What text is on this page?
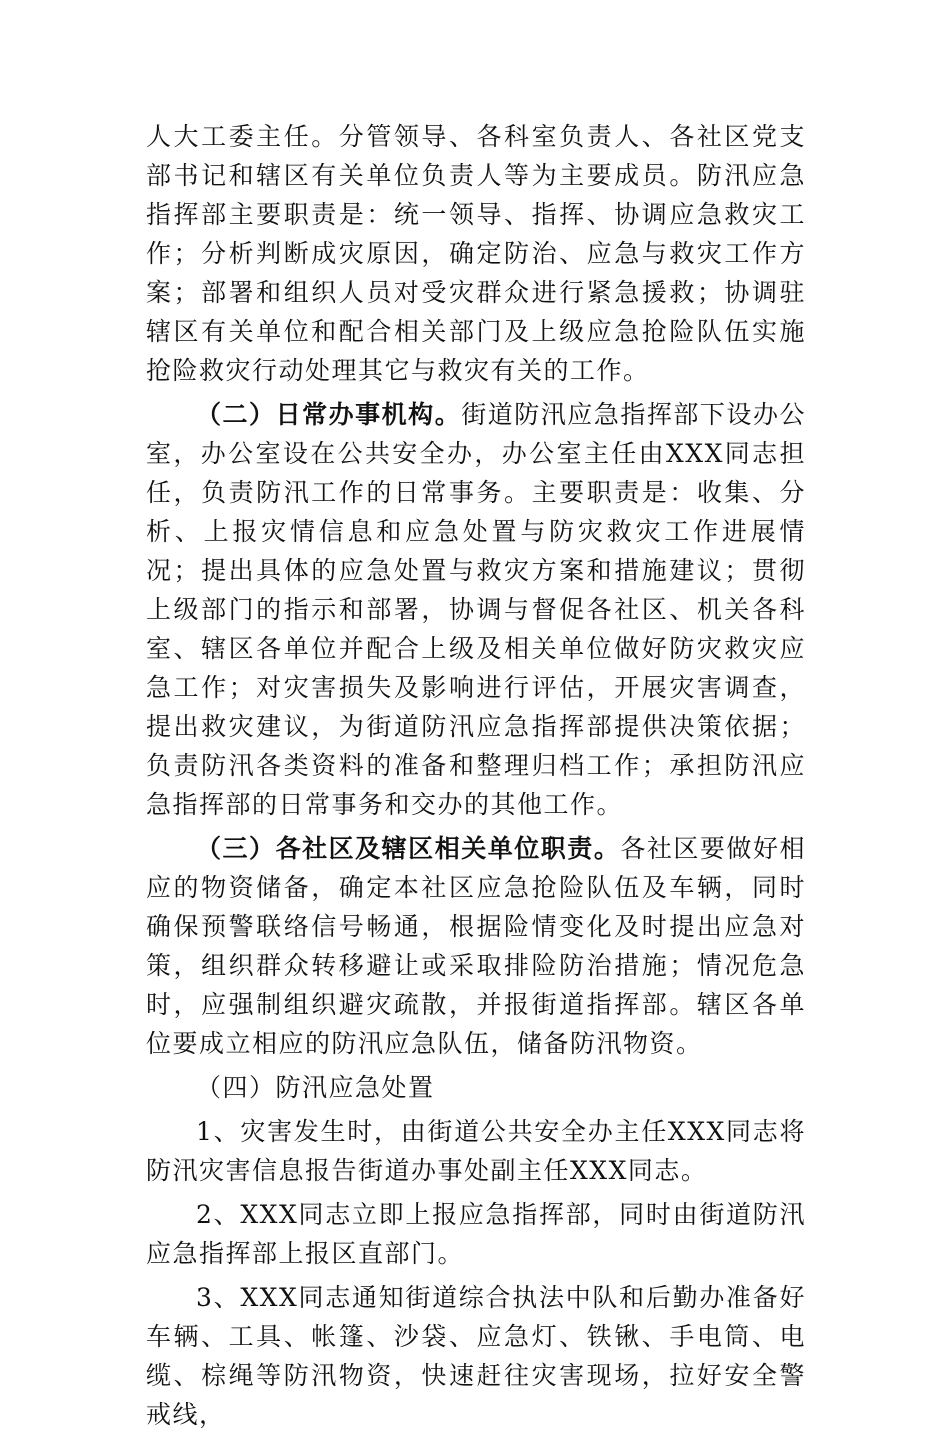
人大工委主任。分管领导、各科室负责人、各社区党支部书记和辖区有关单位负责人等为主要成员。防汛应急指挥部主要职责是：统一领导、指挥、协调应急救灾工作；分析判断成灾原因，确定防治、应急与救灾工作方案；部署和组织人员对受灾群众进行紧急援救；协调驻辖区有关单位和配合相关部门及上级应急抢险队伍实施抢险救灾行动处理其它与救灾有关的工作。

（二）日常办事机构。街道防汛应急指挥部下设办公室，办公室设在公共安全办，办公室主任由XXX同志担任，负责防汛工作的日常事务。主要职责是：收集、分析、上报灾情信息和应急处置与防灾救灾工作进展情况；提出具体的应急处置与救灾方案和措施建议；贯彻上级部门的指示和部署，协调与督促各社区、机关各科室、辖区各单位并配合上级及相关单位做好防灾救灾应急工作；对灾害损失及影响进行评估，开展灾害调查，提出救灾建议，为街道防汛应急指挥部提供决策依据；负责防汛各类资料的准备和整理归档工作；承担防汛应急指挥部的日常事务和交办的其他工作。

（三）各社区及辖区相关单位职责。各社区要做好相应的物资储备，确定本社区应急抢险队伍及车辆，同时确保预警联络信号畅通，根据险情变化及时提出应急对策，组织群众转移避让或采取排险防治措施；情况危急时，应强制组织避灾疏散，并报街道指挥部。辖区各单位要成立相应的防汛应急队伍，储备防汛物资。

（四）防汛应急处置

1、灾害发生时，由街道公共安全办主任XXX同志将防汛灾害信息报告街道办事处副主任XXX同志。

2、XXX同志立即上报应急指挥部，同时由街道防汛应急指挥部上报区直部门。

3、XXX同志通知街道综合执法中队和后勤办准备好车辆、工具、帐篷、沙袋、应急灯、铁锹、手电筒、电缆、棕绳等防汛物资，快速赶往灾害现场，拉好安全警戒线，
